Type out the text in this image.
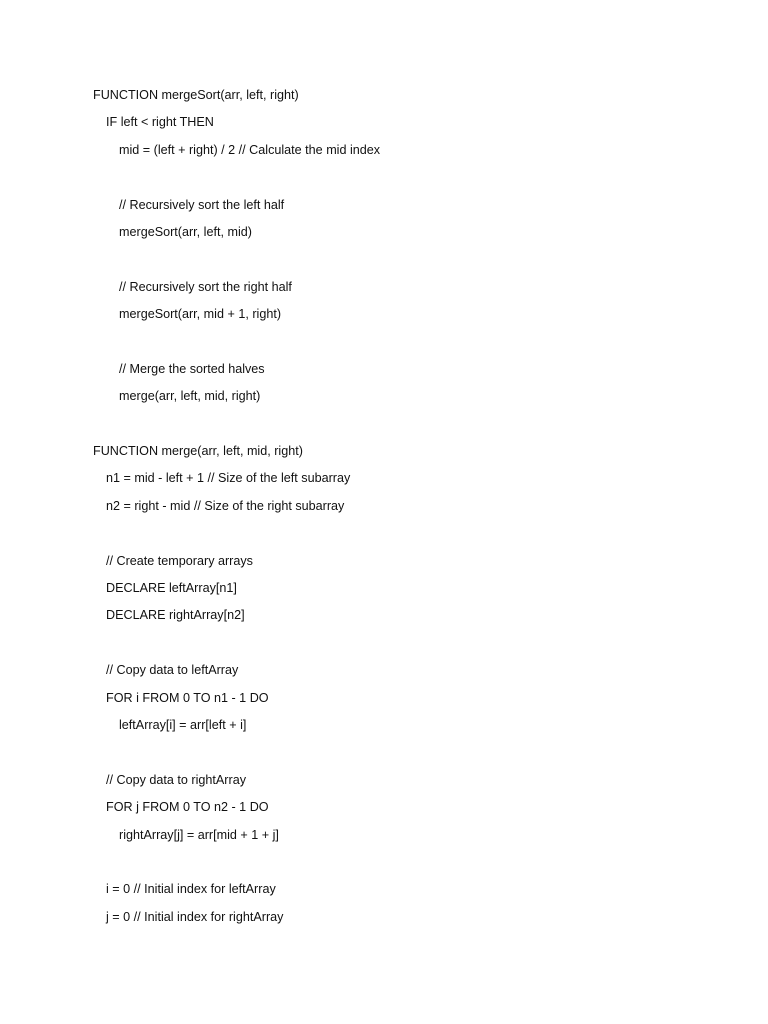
FUNCTION mergeSort(arr, left, right)
IF left < right THEN
mid = (left + right) / 2 // Calculate the mid index
// Recursively sort the left half
mergeSort(arr, left, mid)
// Recursively sort the right half
mergeSort(arr, mid + 1, right)
// Merge the sorted halves
merge(arr, left, mid, right)
FUNCTION merge(arr, left, mid, right)
n1 = mid - left + 1 // Size of the left subarray
n2 = right - mid // Size of the right subarray
// Create temporary arrays
DECLARE leftArray[n1]
DECLARE rightArray[n2]
// Copy data to leftArray
FOR i FROM 0 TO n1 - 1 DO
leftArray[i] = arr[left + i]
// Copy data to rightArray
FOR j FROM 0 TO n2 - 1 DO
rightArray[j] = arr[mid + 1 + j]
i = 0 // Initial index for leftArray
j = 0 // Initial index for rightArray
